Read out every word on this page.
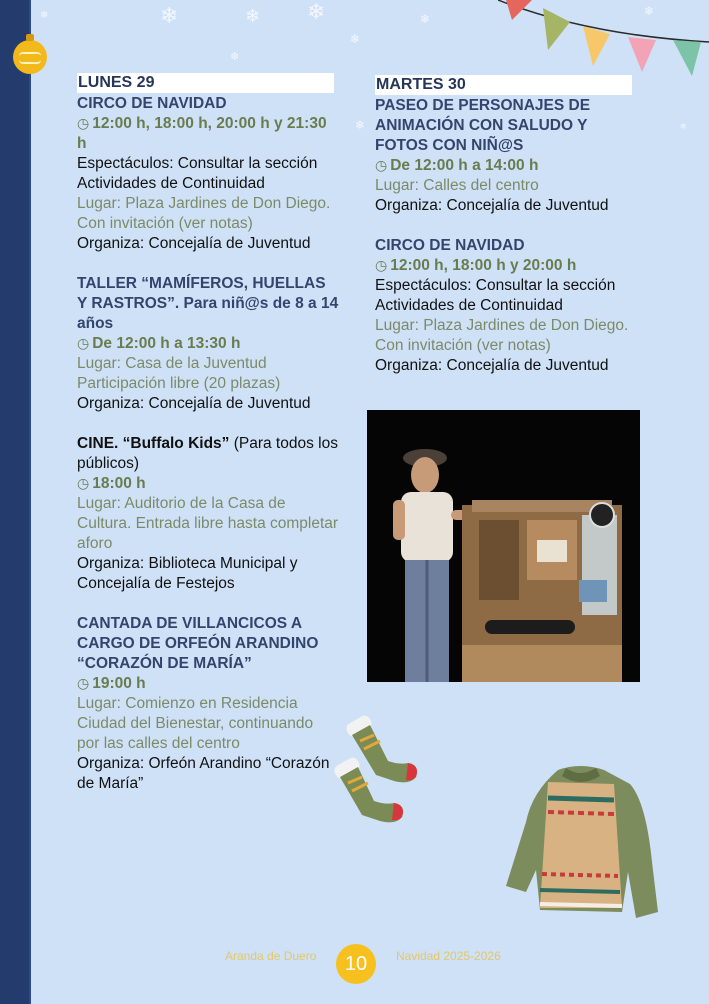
❄	❄ ❄
❄
❄
❄
❄
❄	❄
❄
LUNES 29
CIRCO DE NAVIDAD
◷ 12:00 h, 18:00 h, 20:00 h y 21:30 h
Espectáculos: Consultar la sección Actividades de Continuidad
Lugar: Plaza Jardines de Don Diego. Con invitación (ver notas)
Organiza: Concejalía de Juventud
TALLER “MAMÍFEROS, HUELLAS Y RASTROS”. Para niñ@s de 8 a 14 años
◷ De 12:00 h a 13:30 h
Lugar: Casa de la Juventud Participación libre (20 plazas)
Organiza: Concejalía de Juventud
CINE. “Buffalo Kids” (Para todos los públicos)
◷ 18:00 h
Lugar: Auditorio de la Casa de Cultura. Entrada libre hasta completar aforo
Organiza: Biblioteca Municipal y Concejalía de Festejos
CANTADA DE VILLANCICOS A CARGO DE ORFEÓN ARANDINO “CORAZÓN DE MARÍA”
◷ 19:00 h
Lugar: Comienzo en Residencia Ciudad del Bienestar, continuando por las calles del centro
Organiza: Orfeón Arandino “Corazón de María”
MARTES 30
PASEO DE PERSONAJES DE ANIMACIÓN CON SALUDO Y FOTOS CON NIÑ@S
◷ De 12:00 h a 14:00 h
Lugar: Calles del centro
Organiza: Concejalía de Juventud
CIRCO DE NAVIDAD
◷ 12:00 h, 18:00 h y 20:00 h
Espectáculos: Consultar la sección Actividades de Continuidad
Lugar: Plaza Jardines de Don Diego. Con invitación (ver notas)
Organiza: Concejalía de Juventud
Aranda de Duero	10	Navidad 2025-2026
